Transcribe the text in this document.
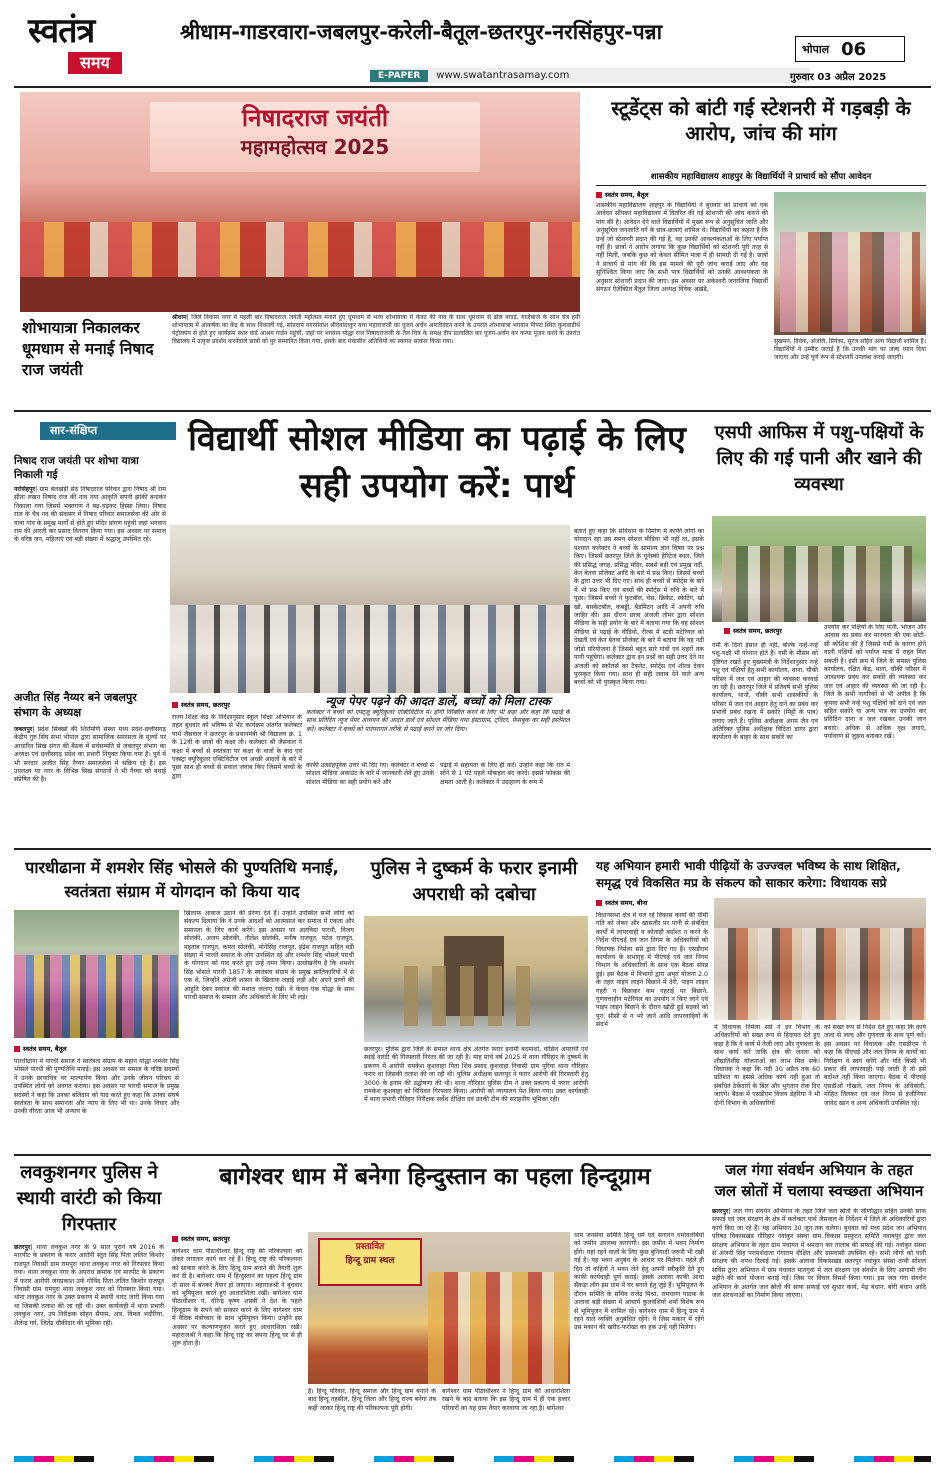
स्वतंत्र
समय
श्रीधाम-गाडरवारा-जबलपुर-करेली-बैतूल-छतरपुर-नरसिंहपुर-पन्ना
भोपाल 06
E-PAPER	www.swatantrasamay.com	गुरुवार 03 अप्रैल 2025
निषादराज जयंती
महामहोत्सव 2025
शोभायात्रा निकालकर धूमधाम से मनाई निषाद राज जयंती
श्रीधाम| जिले विकास नगर में पहली बार निषादराज जयंती महोत्सव मनाते हुए धूमधाम से भव्य शोभायात्रा में केवट की नाव के साथ धूमधाम से ढोल नगाड़े, गाजेबाजे के साथ चेत्र हमी शोभायात्रा में आकर्षक का केंद्र के साथ निकाली गई, सांप्रदाय नगरसेवाश श्रीदेवाठाकुर यथा महाराजजी का पूजन अर्चन आरतीवंदन करने के उपरांत शोभायात्रा भगवान पीपरा स्थित कुशवाडीर्थ पेट्रोलपंप से होते हुए कार्यक्रम स्थल वार्ड आश्रम गार्डन पहुंची, जहां पर भगवान योद्धा राज निषादराजजी के तैल चित्र के समक्ष दीप प्रज्वलित कर पूजन-अर्चन कर कन्या पूजन करने के उपरांत विद्यालय में उत्कृष्ट प्रदर्शन करनेवाले छात्रों को पुर सम्मानित किया गया, इसके बाद मंचासीन अतिथियों का स्वागत सत्कार किया गया।
स्टूडेंट्स को बांटी गई स्टेशनरी में गड़बड़ी के आरोप, जांच की मांग
शासकीय महाविद्यालय शाहपुर के विद्यार्थियों ने प्राचार्य को सौंपा आवेदन
स्वतंत्र समय, बैतूल
शासकीय महाविद्यालय शाहपुर के विद्यार्थियों ने बुधवार को प्राचार्य को एक आवेदन सौंपकर महाविद्यालय में वितरित की गई स्टेशनरी की जांच कराने की मांग की है। आवेदन देने वाले विद्यार्थियों में मुख्य रूप से अनुसूचित जाति और अनुसूचित जनजाति वर्ग के छात्र-छात्राएं शामिल थे। विद्यार्थियों का कहना है कि उन्हें जो स्टेशनरी प्रदान की गई है, वह उनकी आवश्यकताओं के लिए पर्याप्त नहीं है। छात्रों ने आरोप लगाया कि कुछ विद्यार्थियों को स्टेशनरी पूरी तरह से नहीं मिली, जबकि कुछ को केवल सीमित मात्रा में ही सामग्री दी गई है। छात्रों ने प्राचार्य से मांग की कि इस मामले की पूरी जांच कराई जाए और यह सुनिश्चित किया जाए कि सभी पात्र विद्यार्थियों को उनकी आवश्यकता के अनुसार स्टेशनरी प्रदान की जाए। इस अवसर पर अंकेश्वरी जनरलिया विद्यार्थी संगठन ऐजेक्टिव बैतूल जिला अध्यक्ष विवेक अखंडे,
सुखमन, विवेक, अंजलि, प्रियंका, सूरज सहित अन्य विद्यार्थी शामिल है। विद्यार्थियों ने उम्मीद जताई है कि उनकी मांग पर जल्द ध्यान दिया जाएगा और उन्हें पूर्ण रूप से स्टेशनरी उपलब्ध कराई जाएगी।
सार-संक्षिप्त
निषाद राज जयंती पर शोभा यात्रा निकाली गई
नरसिंहपुर| ग्राम बेलखेड़ी सेठ निषादराज परिवार द्वारा निषाद श्री राम सीता लखन निषाद राज की नाव नया आकृति सपनी झांकी बनाकर निकाला गया जिसमें भक्तगण ने बढ़-चढ़कर हिस्सा लिया। निषाद राज के चैत्र नव की संवत्सर में निषाद परिवार समाजसेवा की ओर से यात्रा गांव के प्रमुख मार्गों से होते हुए मंदिर प्रांगण पहुंची जहां भगवान राम की आरती कर प्रसाद वितरण किया गया। इस अवसर पर समाज के वरिष्ठ जन, महिलाएं एवं बड़ी संख्या में श्रद्धालु उपस्थित रहे।
अजीत सिंह नैय्यर बने जबलपुर संभाग के अध्यक्ष
जबलपुर| प्रदेश सिक्खों की शिरोमणि संस्था मध्य प्रदेश-छत्तीसगढ़ केंद्रीय गुरु सिंघ सभा भोपाल द्वारा सामाजिक समरसता के मूल्यों पर आधारित सिख संगत की बैठक में सर्वसम्मति से जबलपुर संभाग का अध्यक्ष एवं छत्तीसगढ़ प्रदेश का प्रभारी नियुक्त किया गया है। पूर्व में भी सरदार अजीत सिंह नैय्यर समाजसेवा में सक्रिय रहे हैं। इस उपलक्ष्य पर नगर के विभिन्न सिख संगठनों ने भी नैय्यर को बधाई संप्रेषित की है।
विद्यार्थी सोशल मीडिया का पढ़ाई के लिए सही उपयोग करें: पार्थ
स्वतंत्र समय, छतरपुर
राज्य शिक्षा केंद्र के निर्देशानुसार स्कूल शिक्षा अभियान के तहत बुधवार को भविष्य से भेंट कार्यक्रम अंतर्गत कलेक्टर पार्थ जैसवाल ने छतरपुर के प्रधानमंत्री श्री विद्यालय क्र. 1 के 12वीं के छात्रों की कक्षा ली। कलेक्टर श्री जैसवाल ने कक्षा में बच्चों से स्वतंत्रता पर कक्षा के वार्ता के बाद एवं एक्स्ट्रा क्यूरिकुलर एक्टिविटीज एवं अच्छी आदतों के बारे में पूछा साथ ही बच्चों से सवाल जवाब किए जिसमें बच्चों के द्वारा
न्यूज पेपर पढ़ने की आदत डालें, बच्चों को मिला टास्क
कलेक्टर ने बच्चों को एफ्ट्जू क्यूरिकुलर एक्टिविटीज में। होंगी विक्लित करने के लिए भी कहा और कहा कि पढ़ाई के साथ प्रतिदिन न्यूज पेपर अध्ययन की आदत डालें एवं सोशल मीडिया यथा इंस्टाग्राम, ट्विटर, फेसबुक का सही इस्तेमाल करें। कलेक्टर ने बच्चों को पारंपरागत तरीके से पढ़ाई करने पर जोर दिया।
काफी उत्साहपूर्वक उत्तर भी दिए गए। कलेक्टर ने बच्चों से सोशल मीडिया अकाउंट के बारे में जानकारी लेते हुए उनके सोशल मीडिया का सही प्रयोग करें और
पढ़ाई में सहायता के लिए ही करें। उन्होंने कहा कि रात में सोने से 1 घंटे पहले मोबाइल बंद करदें। इससे फोकस की क्षमता आती है। कलेक्टर ने उदाहरण के रूप में
बताते हुए कहा कि संविधान के निर्माण में काफी लोगों का योगदान रहा उस समय सोशल मीडिया भी नहीं था, इसके पश्चात कलेक्टर ने बच्चों के सामान्य ज्ञान विषय पर प्रश्न किए। जिसमें छतरपुर जिले के यूनेस्को हेरिटेज स्थल, जिले की प्रसिद्ध जगह, प्रसिद्ध मंदिर, सबसे बड़ी एवं प्रमुख नदी, केन बेतवा प्रोजेक्ट आदि के बारे में प्रश्न किए। जिसमें बच्चों के द्वारा उत्तर भी दिए गए। साथ ही बच्चों से स्पोर्ट्स के बारे में भी प्रश्न किए एवं बच्चों की स्पोर्ट्स में रुचि के बारे में पूछा। जिसमें बच्चों ने फुटबॉल, चेस, क्रिकेट, स्केटिंग, खो खो, बास्केटबॉल, कबड्डी, बैडमिंटन आदि में अपनी रुचि जाहिर की। इस दौरान छात्रा अंजली तोमर द्वारा सोशल मीडिया के सही प्रयोग के बारे में बताया गया कि वह सोशल मीडिया से पढ़ाई के वीडियो, रील्स में स्टडी मटेरियल को देखती एवं केन बेतवा प्रोजेक्ट के बारे में बताया कि वह नदी जोड़ो परियोजना है जिससे बहुत सारे गांवों एवं शहरों तक पानी पहुंचेगा। कलेक्टर द्वारा इन प्रश्नों का सही उत्तर देने पर अंजली को स्कॉलर्स का टैबलेट, स्पोर्ट्स एवं शील्ड देकर पुरस्कृत किया गया। साथ ही सही जवाब देने वाले अन्य बच्चों को भी पुरस्कृत किया गया।
एसपी आफिस में पशु-पक्षियों के लिए की गई पानी और खाने की व्यवस्था
स्वतंत्र समय, छतरपुर
गर्मी के दिनों इंसान ही नहीं, बल्कि नन्हे-नन्हे पशु-पक्षी भी परेशान होते हैं। गर्मी के मौसम को दृष्टिगत रखते हुए मुख्यमंत्री के निर्देशानुसार नन्हे पशु एवं पक्षियों हेतु सभी कार्यालय, थाना, चौकी परिसर में जल एवं आहार की व्यवस्था करवाई जा रही है। छतरपुर जिले में प्रतिवर्ष सभी पुलिस कार्यालय, थानों, चौकी सभी शासकीयों के परिसर में जल एवं आहार हेतु दाने का प्रबंध कर प्रभावी प्रबंध रखना में सकोरे (मिट्टी के पात्र) लगाए जाते हैं। पुलिस अधीक्षक अगम जैन एवं अतिरिक्त पुलिस अधीक्षक विदिता डागर द्वारा कार्यालय के बाहर के साथ सकोरे का
उपयोग कर पक्षियों के लिए पानी, भोजन और आवास का प्रबंध कर मानवता की एक छोटी-सी कोशिश की है जिससे गर्मी के कारण होने वाली पक्षियों को पर्याप्त मात्रा में राहत मिल सकती है। इसी क्रम में जिले के समस्त पुलिस कार्यालय, रक्षित केंद्र, थाना, चौकी परिसर में आवश्यक प्रबंध कर सकोरे की व्यवस्था कर जल एवं आहार की व्यवस्था की जा रही है। जिले के सभी नागरिकों से भी अपील है कि कृपया सभी नन्हे पशु पक्षियों को दाने एवं जल सहित सकोरे या अन्य पात्र का उपयोग कर प्रतिदिन दाना व जल रखकर उनकी जान बचाएं। अधिक से अधिक वृक्ष लगाएं, पर्यावरण से जुड़ाव बनाकर रखें।
पारधीढाना में शमशेर सिंह भोसले की पुण्यतिथि मनाई, स्वतंत्रता संग्राम में योगदान को किया याद
स्वतंत्र समय, बैतूल
पारधीढाना में पारधी समाज ने स्वतंत्रता संग्राम के महान योद्धा शमशेर सिंह भोसले पारधी की पुण्यतिथि मनाई। इस अवसर पर समाज के वरिष्ठ सदस्यों ने उनके छायाचित्र पर माल्यार्पण किया और उनके जीवन परिचय से उपस्थित लोगों को अवगत कराया। इस अवसर पर पारधी समाज के प्रमुख सदस्यों ने कहा कि उनका बलिदान को याद करते हुए कहा कि उनका संघर्ष स्वतंत्रता के साथ समानता और न्याय के लिए भी था। उनके विचार और उनकी वीरता आज भी अन्याय के
खिलाफ आवाज उठाने की प्रेरणा देते हैं। उन्होंने उपस्थित सभी लोगों को संकल्प दिलाया कि वे उनके आदर्शों को आत्मसात कर समाज में एकता और समानता के लिए कार्य करेंगे। इस अवसर पर अलविदा पारधी, विजय सोलंकी, अजय सोलंकी, नीलेश सोलंकी, मनीष राजपूत, पटेल राजपूत, महताब राजपूत, कमल सोलंकी, मोनेसिंह राजपूत, इंद्रेश राजपूत सहित बड़ी संख्या में पारधी समाज के लोग उपस्थित रहे और शमशेर सिंह भोसले पारधी के योगदान को याद करते हुए उन्हें नमन किया। उल्लेखनीय है कि शमशेर सिंह भोसले पारधी 1857 के स्वतंत्रता संग्राम के प्रमुख क्रांतिकारियों में से एक थे, जिन्होंने अंग्रेजी शासन के खिलाफ लड़ाई लड़ी और अपने प्राणों की आहुति देकर स्वराज की मशाल जलाए रखी। वे केवल एक योद्धा के साथ पारधी समाज के सम्मान और अधिकारों के लिए भी लड़े।
पुलिस ने दुष्कर्म के फरार इनामी अपराधी को दबोचा
छतरपुर। पुलिस द्वारा जिले के समस्त थाना क्षेत्र अंतर्गत फरार इनामी बदमाशों, वांछित अपराधी एवं स्थाई वारंटी की गिरफ्तारी निरंतर की जा रही है। माह मार्च वर्ष 2025 में थाना गौरिहार के दुष्कर्म के प्रकरण में आरोपी रामकेश कुशवाहा पिता शिव प्रसाद कुशवाहा निवासी ग्राम पुरिया थाना गौरिहार फरार था जिसकी तलाश की जा रही थी। पुलिस अधीक्षक छतरपुर ने फरार आरोपी की गिरफ्तारी हेतु 3000 के इनाम की उद्घोषणा की थी। थाना गौरिहार पुलिस टीम ने उक्त प्रकरण में फरार आरोपी रामकेश कुशवाहा को विधिवत गिरफ्तार किया। आरोपी को न्यायालय पेश किया गया। उक्त कार्यवाही में थाना प्रभारी गौरिहार निरीक्षक सर्वेश दीक्षित एवं उनकी टीम की सराहनीय भूमिका रही।
यह अभियान हमारी भावी पीढ़ियों के उज्ज्वल भविष्य के साथ शिक्षित, समृद्ध एवं विकसित मप्र के संकल्प को साकार करेगा: विधायक सप्रे
स्वतंत्र समय, बीना
विधानसभा क्षेत्र में चल रहे विकास कार्यों की धीमी गति को लेकर और खासतौर पर पानी से संबंधित कार्यों में लापरवाही व कोताही बर्दाश्त न करने के निर्देश पीएचई एवं जल निगम के अधिकारियों को विधायक निर्मला सप्रे द्वारा दिए गए हैं। एसडीएम कार्यालय के सभागृह में पीएचई एवं जल निगम विभाग के अधिकारियों के साथ एक बैठक संपन्न हुई। इस बैठक में विभागों द्वारा अमृत योजना 2.0 के तहत पाइप लाइन बिछाने में देरी, पाइप लाइन गहरी न बिछाकर कम गहराई पर बिछाने, गुणवत्ताहीन मटेरियल का उपयोग न किए जाने एवं पाइप लाइन बिछाने के दौरान खोदी हुई सड़कों को पुन: सीसी से न भरे जाने आदि लापरवाहियों के संदर्भ	में विधायक निर्मला सप्रे ने इन विभाग के अधिकारियों को सख्त रूप से हिदायत देते हुए कहा है कि वे कार्य में तेजी लाएं और गुणवत्ता के साथ कार्य करें ताकि क्षेत्र की जनता को शीघ्रातिशीघ्र योजनाओं का लाभ मिल सके। विधायक ने कहा कि नदी 30 अप्रैल तक 60 प्रतिशत या इससे अधिक कार्य नहीं हुआ तो संबंधित ठेकेदारों के बिल और भुगतान रोक दिए जाएंगे। बैठक में एसडीएम विजय डेहरिया ने भी दोनों विभाग के अधिकारियों
को सख्त रूप से निर्देश देते हुए कहा कि कार्य जल्द से जल्द और गुणवत्ता के साथ पूर्ण करें। इस अवसर पर विधायक और एसडीएम ने कहा कि पीएचई और जल निगम के कार्यों का निरीक्षण वे स्वयं करेंगे और यदि किसी भी प्रकार की लापरवाही पाई जाती है तो इसे बर्दाश्त नहीं किया जाएगा। बैठक में पीएचई एसडीओ गोखले, जल निगम के अधिकारी, मोहित तिलकर एवं जल निगम से इंजीनियर जावेद खान व अन्य अधिकारी उपस्थित रहे।
लवकुशनगर पुलिस ने स्थायी वारंटी को किया गिरफ्तार
छतरपुर| थाना लवकुश नगर के 9 साल पुराने वर्ष 2016 के मारपीट के प्रकरण के फरार आरोपी स्तुत सिंह पिता ललित किशोर राजपूत निवासी ग्राम रामपुरा थाना लवकुश नगर को गिरफ्तार किया गया। थाना लवकुश नगर के अपराध क्रमांक एवं मारपीट के प्रकरण में फरार आरोपी जयप्रकाश उर्फ गोविंद पिता ललित किशोर राजपूत निवासी ग्राम रामपुरा थाना लवकुश नगर को गिरफ्तार किया गया। थाना लवकुश नगर के उक्त प्रकरण में स्थायी वारंट जारी किया गया था जिसकी तलाश की जा रही थी। उक्त कार्यवाही में थाना प्रभारी लवकुश नगर, उप निरीक्षक सोहन सैयाम, आर. विमल भदौरिया, शैलेन्द्र गर्ग, जितेंद्र चौकीदार की भूमिका रही।
बागेश्वर धाम में बनेगा हिन्दुस्तान का पहला हिन्दूग्राम
स्वतंत्र समय, छतरपुर
बागेश्वर धाम पीठाधीश्वर हिन्दू राष्ट्र की परिकल्पना को लेकर लगातार कार्य कर रहे हैं। हिन्दू राष्ट्र की परिकल्पना को साकार करने के लिए हिन्दू ग्राम बनाने की तैयारी शुरू कर दी है। बागेश्वर धाम में हिन्दुस्तान का पहला हिन्दू ग्राम दो साल में बनकर तैयार हो जाएगा। महाराजश्री ने बुधवार को भूमिपूजन करते हुए आधारशिला रखी। बागेश्वर धाम पीठाधीश्वर पं. धीरेन्द्र कृष्ण शास्त्री ने देश के पहले हिन्दूग्राम के सपने को साकार करने के लिए बागेश्वर धाम में वैदिक मंत्रोच्चार के साथ भूमिपूजन किया। उन्होंने इस अवसर पर कल्याणपूजन करते हुए आधारशिला रखी। महाराजश्री ने कहा कि हिन्दू राष्ट्र का सपना हिन्दू घर से ही शुरू होता है।
प्रस्तावित
हिन्दू ग्राम स्थल
है। हिन्दू परिवार, हिन्दू समाज और हिन्दू ग्राम बनाने के बाद हिन्दू तहसील, हिन्दू जिला और हिन्दू राज्य बनेगा तब कहीं जाकर हिन्दू राष्ट्र की परिकल्पना पूरी होगी।
बागेश्वर धाम पीठाधीश्वर ने हिन्दू ग्राम की आधारशिला रखने के बाद बताया कि इस हिन्दू ग्राम में ही एक हजार परिवारों का यह ग्राम तैयार करवाया जा रहा है। बागेश्वर
धाम जनसेवा समिति हिन्दू धर्म एवं सनातन धर्मावलंबियों को जमीन उपलब्ध कराएगी। इस जमीन में भवन निर्माण होंगे। यहां रहने वालों के लिए कुछ बुनियादी जरूरी भी रखी गई है। यह भवन अनुबंध के आधार पर मिलेगा। पहले ही दिन तो कहिनों ने भवन लेने हेतु अपनी स्वीकृति देते हुए काफी कार्यवाही पूर्ण कराई। इसके अलावा काफी आधा सैकड़ा लोग इस ग्राम में घर बनाने हेतु जुड़े हैं। भूमिपूजन के दौरान समिति के सचिव राजेंद्र मिश्रा, रामचरण पाठक के अलावा बड़ी संख्या में आचार्य कुलवंशियों शर्मा विशेष रूप से भूमिपूजन में शामिल रहे। बागेश्वर धाम में हिन्दू ग्राम में रहने वाले व्यक्ति अनुबंधित रहेंगे। ये जिस मकान में रहेंगे उस मकान की खरीद-फरोख्त का हक उन्हें नहीं मिलेगा।
जल गंगा संवर्धन अभियान के तहत जल स्रोतों में चलाया स्वच्छता अभियान
छतरपुर| जल गंगा संवर्धन अभियान के तहत जिले जल स्रोतों के जीर्णोद्धार सहित उनकी साफ सफाई एवं जल संरक्षण के क्षेत्र में कलेक्टर पार्थ जैसवाल के निर्देशन में जिले के अधिकारियों द्वारा कार्य किए जा रहे हैं। यह अभियान 30 जून तक चलेगा। बुधवार को मध्य प्रदेश जन अभियान परिषद विकासखंड गौरिहार नवांकुर संस्था ग्राम विकास प्रस्फुटन समिति नवाबपुर द्वारा जल संरक्षण अभियान के तहत ग्राम पंचायत में श्रमदान कर तालाब की सफाई की गई। नवांकुर संस्था से अंजनी सिंह परामर्शदाता गंगाराम दीक्षित और ग्रामवासी उपस्थित रहे। सभी लोगों को पानी संरक्षण की शपथ दिलाई गई। इसके अलावा विकासखंड छतरपुर नवांकुर संस्था तन्वी सोशल सर्विस द्वारा अभियान में ग्राम पंचायत मातगुवां में जल संरक्षण एवं संवर्धन के लिए आगामी तीन महीने की कार्य योजना बनाई गई। जिस पर विचार विमर्श किया गया। इस जल गंगा संवर्धन अभियान के अंतर्गत जल स्रोतों की साफ सफाई एवं सुधार कार्य, मेढ़ बंधान, बोरी बंधान आदि जल संरचनाओं का निर्माण किया जाएगा।
